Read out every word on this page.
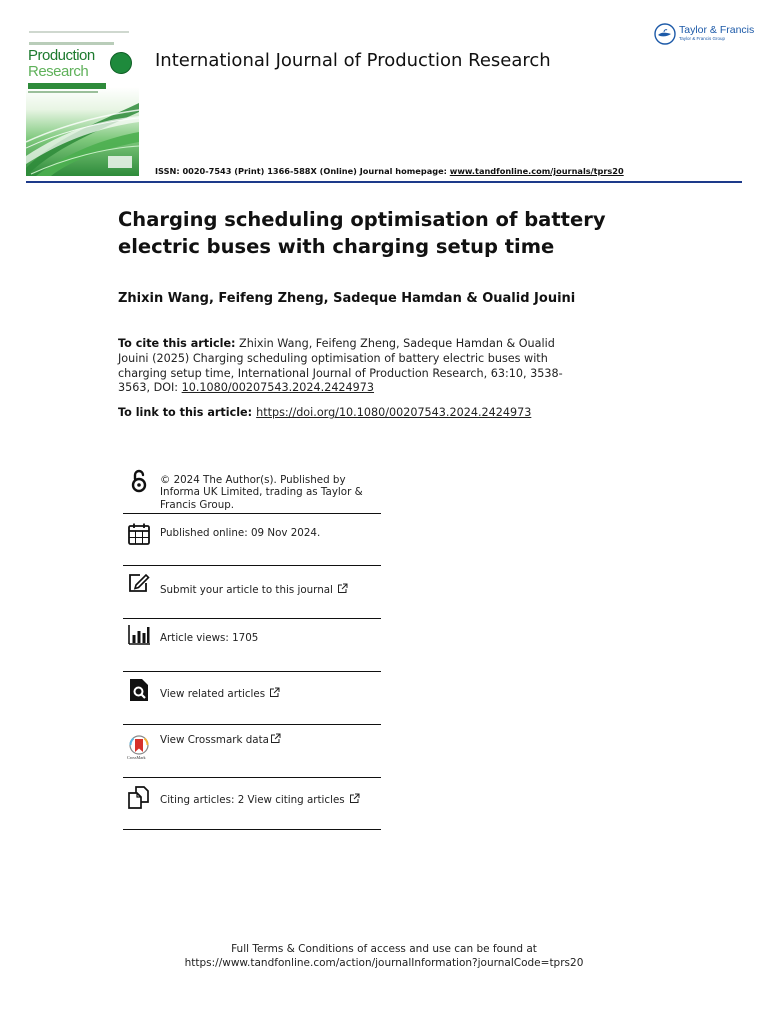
Production
Research
International Journal of Production Research
Taylor & Francis
Taylor & Francis Group
ISSN: 0020-7543 (Print) 1366-588X (Online) Journal homepage: www.tandfonline.com/journals/tprs20
Charging scheduling optimisation of battery electric buses with charging setup time
Zhixin Wang, Feifeng Zheng, Sadeque Hamdan & Oualid Jouini
To cite this article: Zhixin Wang, Feifeng Zheng, Sadeque Hamdan & Oualid Jouini (2025) Charging scheduling optimisation of battery electric buses with charging setup time, International Journal of Production Research, 63:10, 3538-3563, DOI: 10.1080/00207543.2024.2424973
To link to this article: https://doi.org/10.1080/00207543.2024.2424973
© 2024 The Author(s). Published by Informa UK Limited, trading as Taylor & Francis Group.
Published online: 09 Nov 2024.
Submit your article to this journal
Article views: 1705
View related articles
CrossMark
View Crossmark data
Citing articles: 2 View citing articles
Full Terms & Conditions of access and use can be found at
https://www.tandfonline.com/action/journalInformation?journalCode=tprs20
